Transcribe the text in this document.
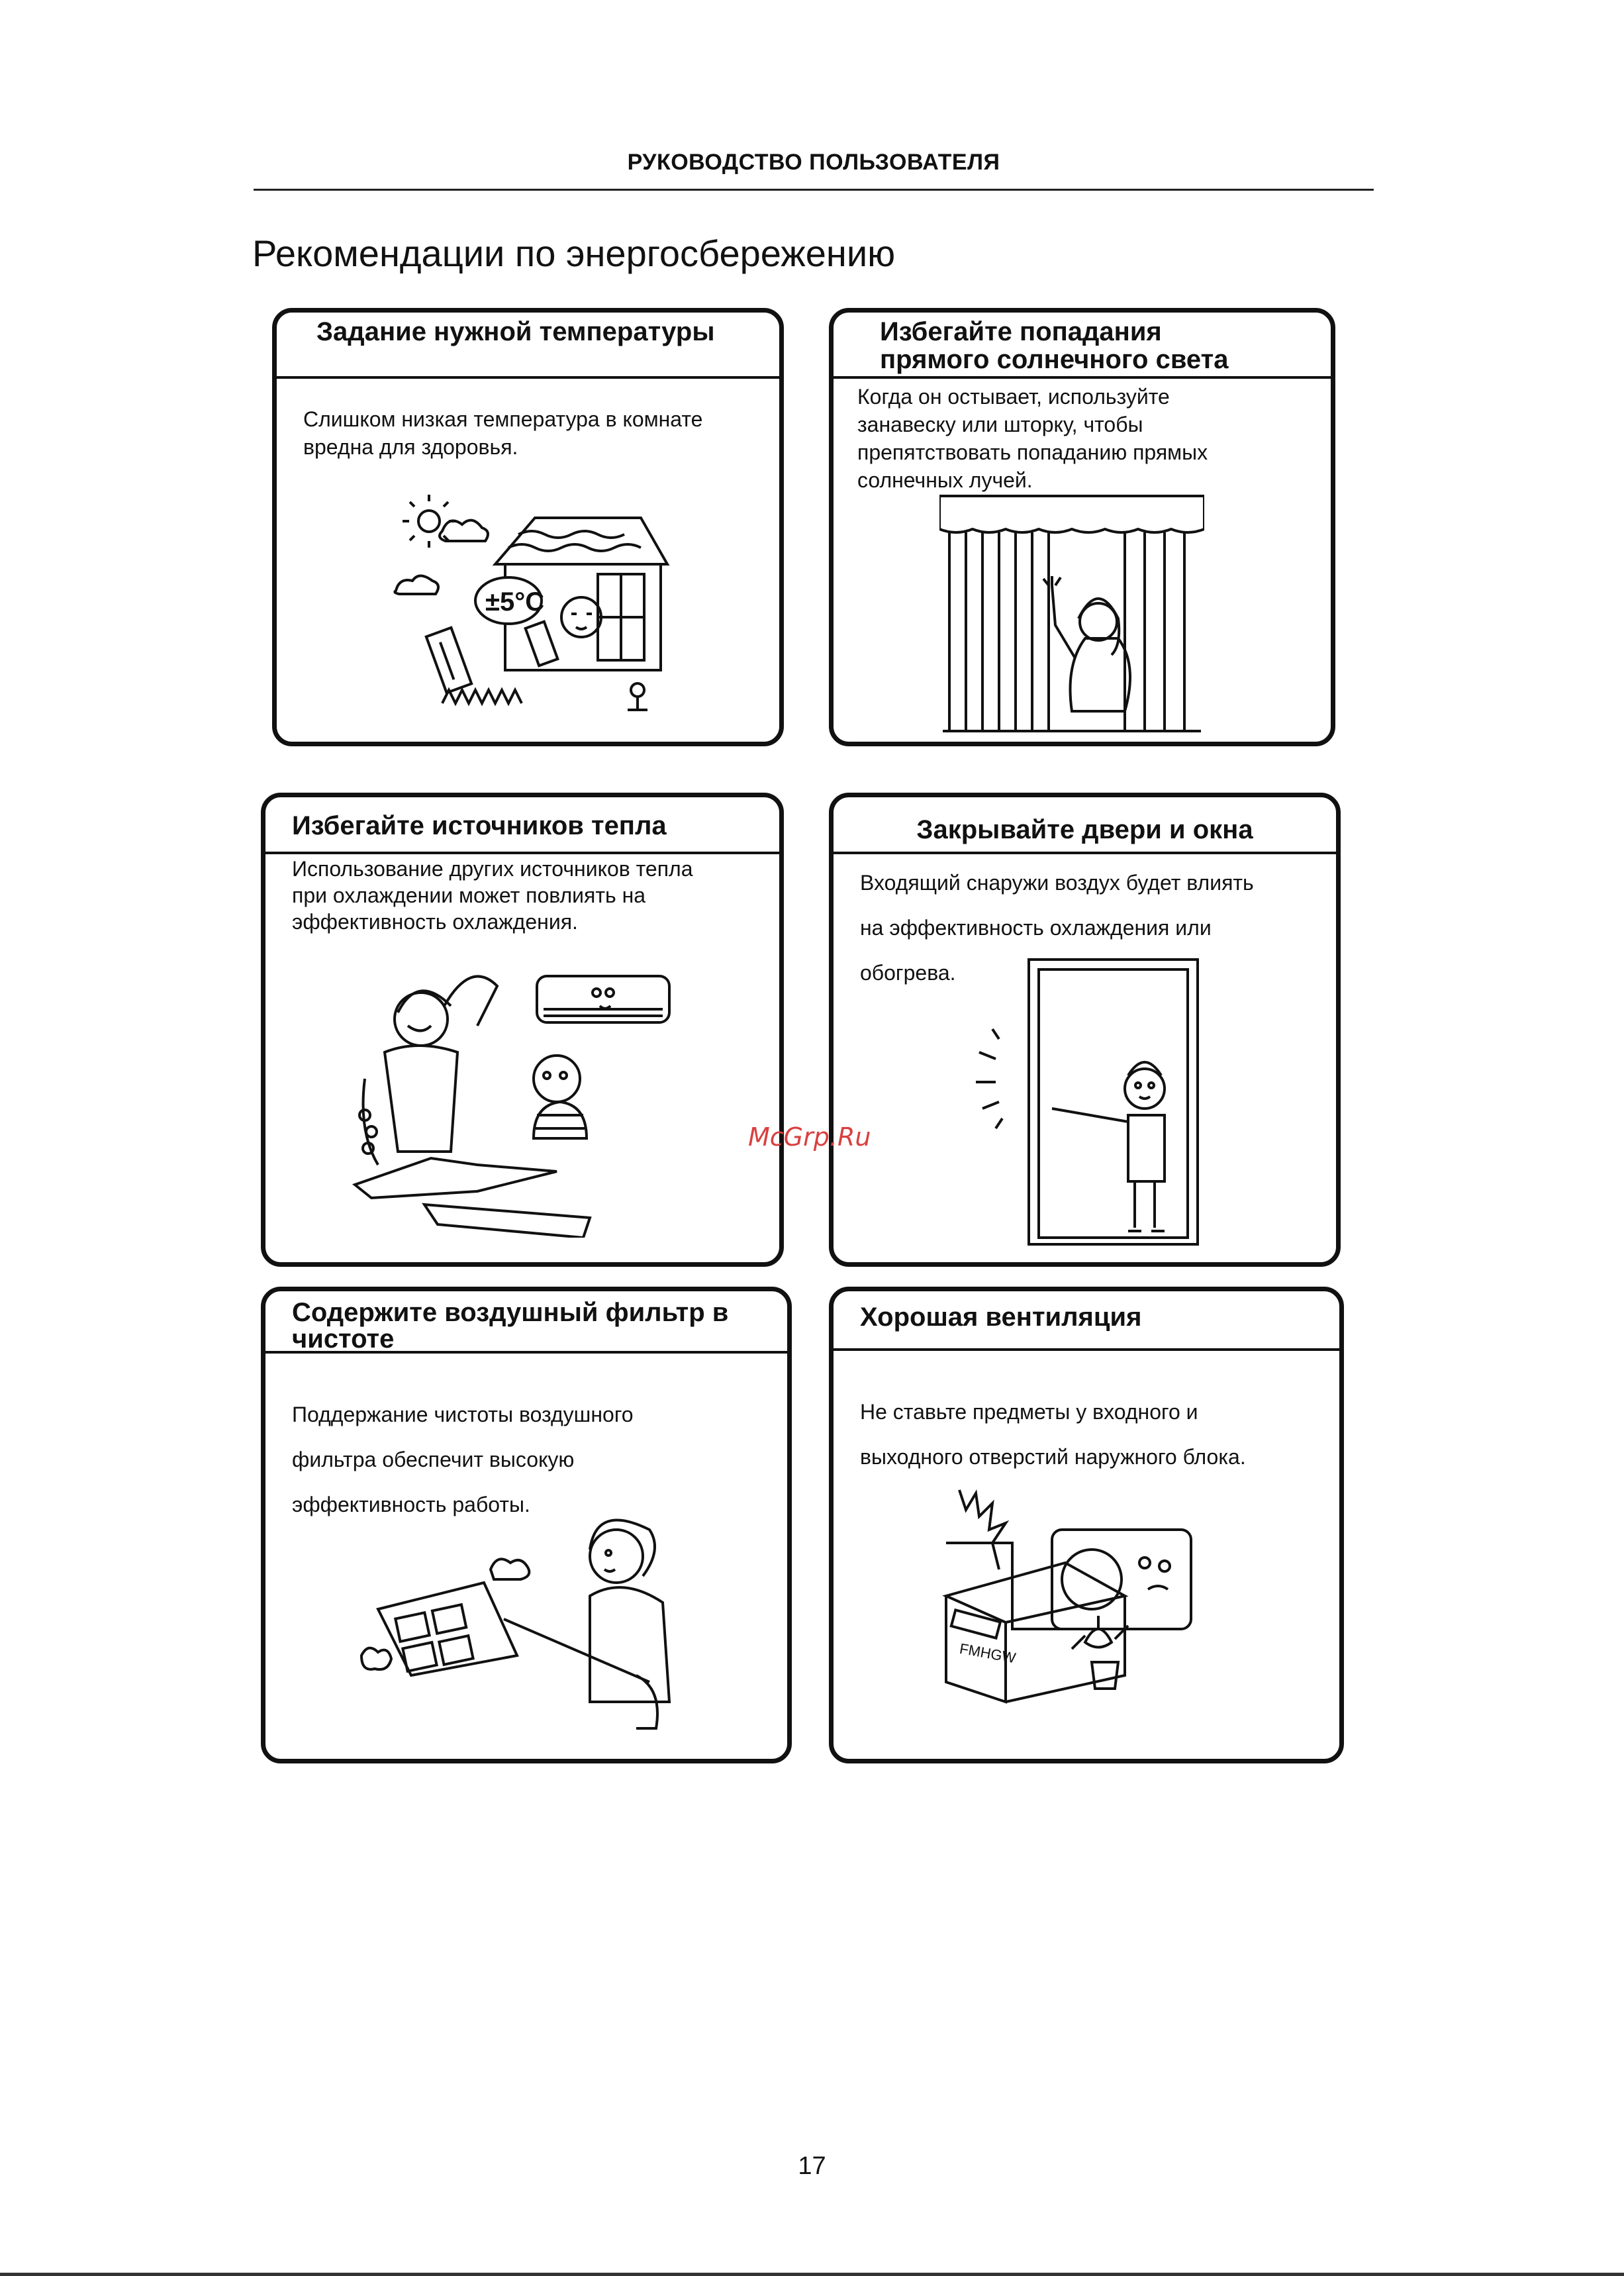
РУКОВОДСТВО ПОЛЬЗОВАТЕЛЯ
Рекомендации по энергосбережению
Задание нужной температуры

Слишком низкая температура в комнате

вредна для здоровья.

±5°C
Избегайте попадания
прямого солнечного света

Когда он остывает, используйте

занавеску или шторку, чтобы

препятствовать попаданию прямых

солнечных лучей.

Избегайте источников тепла

Использование других источников тепла

при охлаждении может повлиять на

эффективность охлаждения.

Закрывайте двери и окна

Входящий снаружи воздух будет влиять

на эффективность охлаждения или

обогрева.

Содержите воздушный фильтр в
чистоте

Поддержание чистоты воздушного

фильтра обеспечит высокую

эффективность работы.

Хорошая вентиляция

Не ставьте предметы у входного и

выходного отверстий наружного блока.

FMHGW
McGrp.Ru
17
